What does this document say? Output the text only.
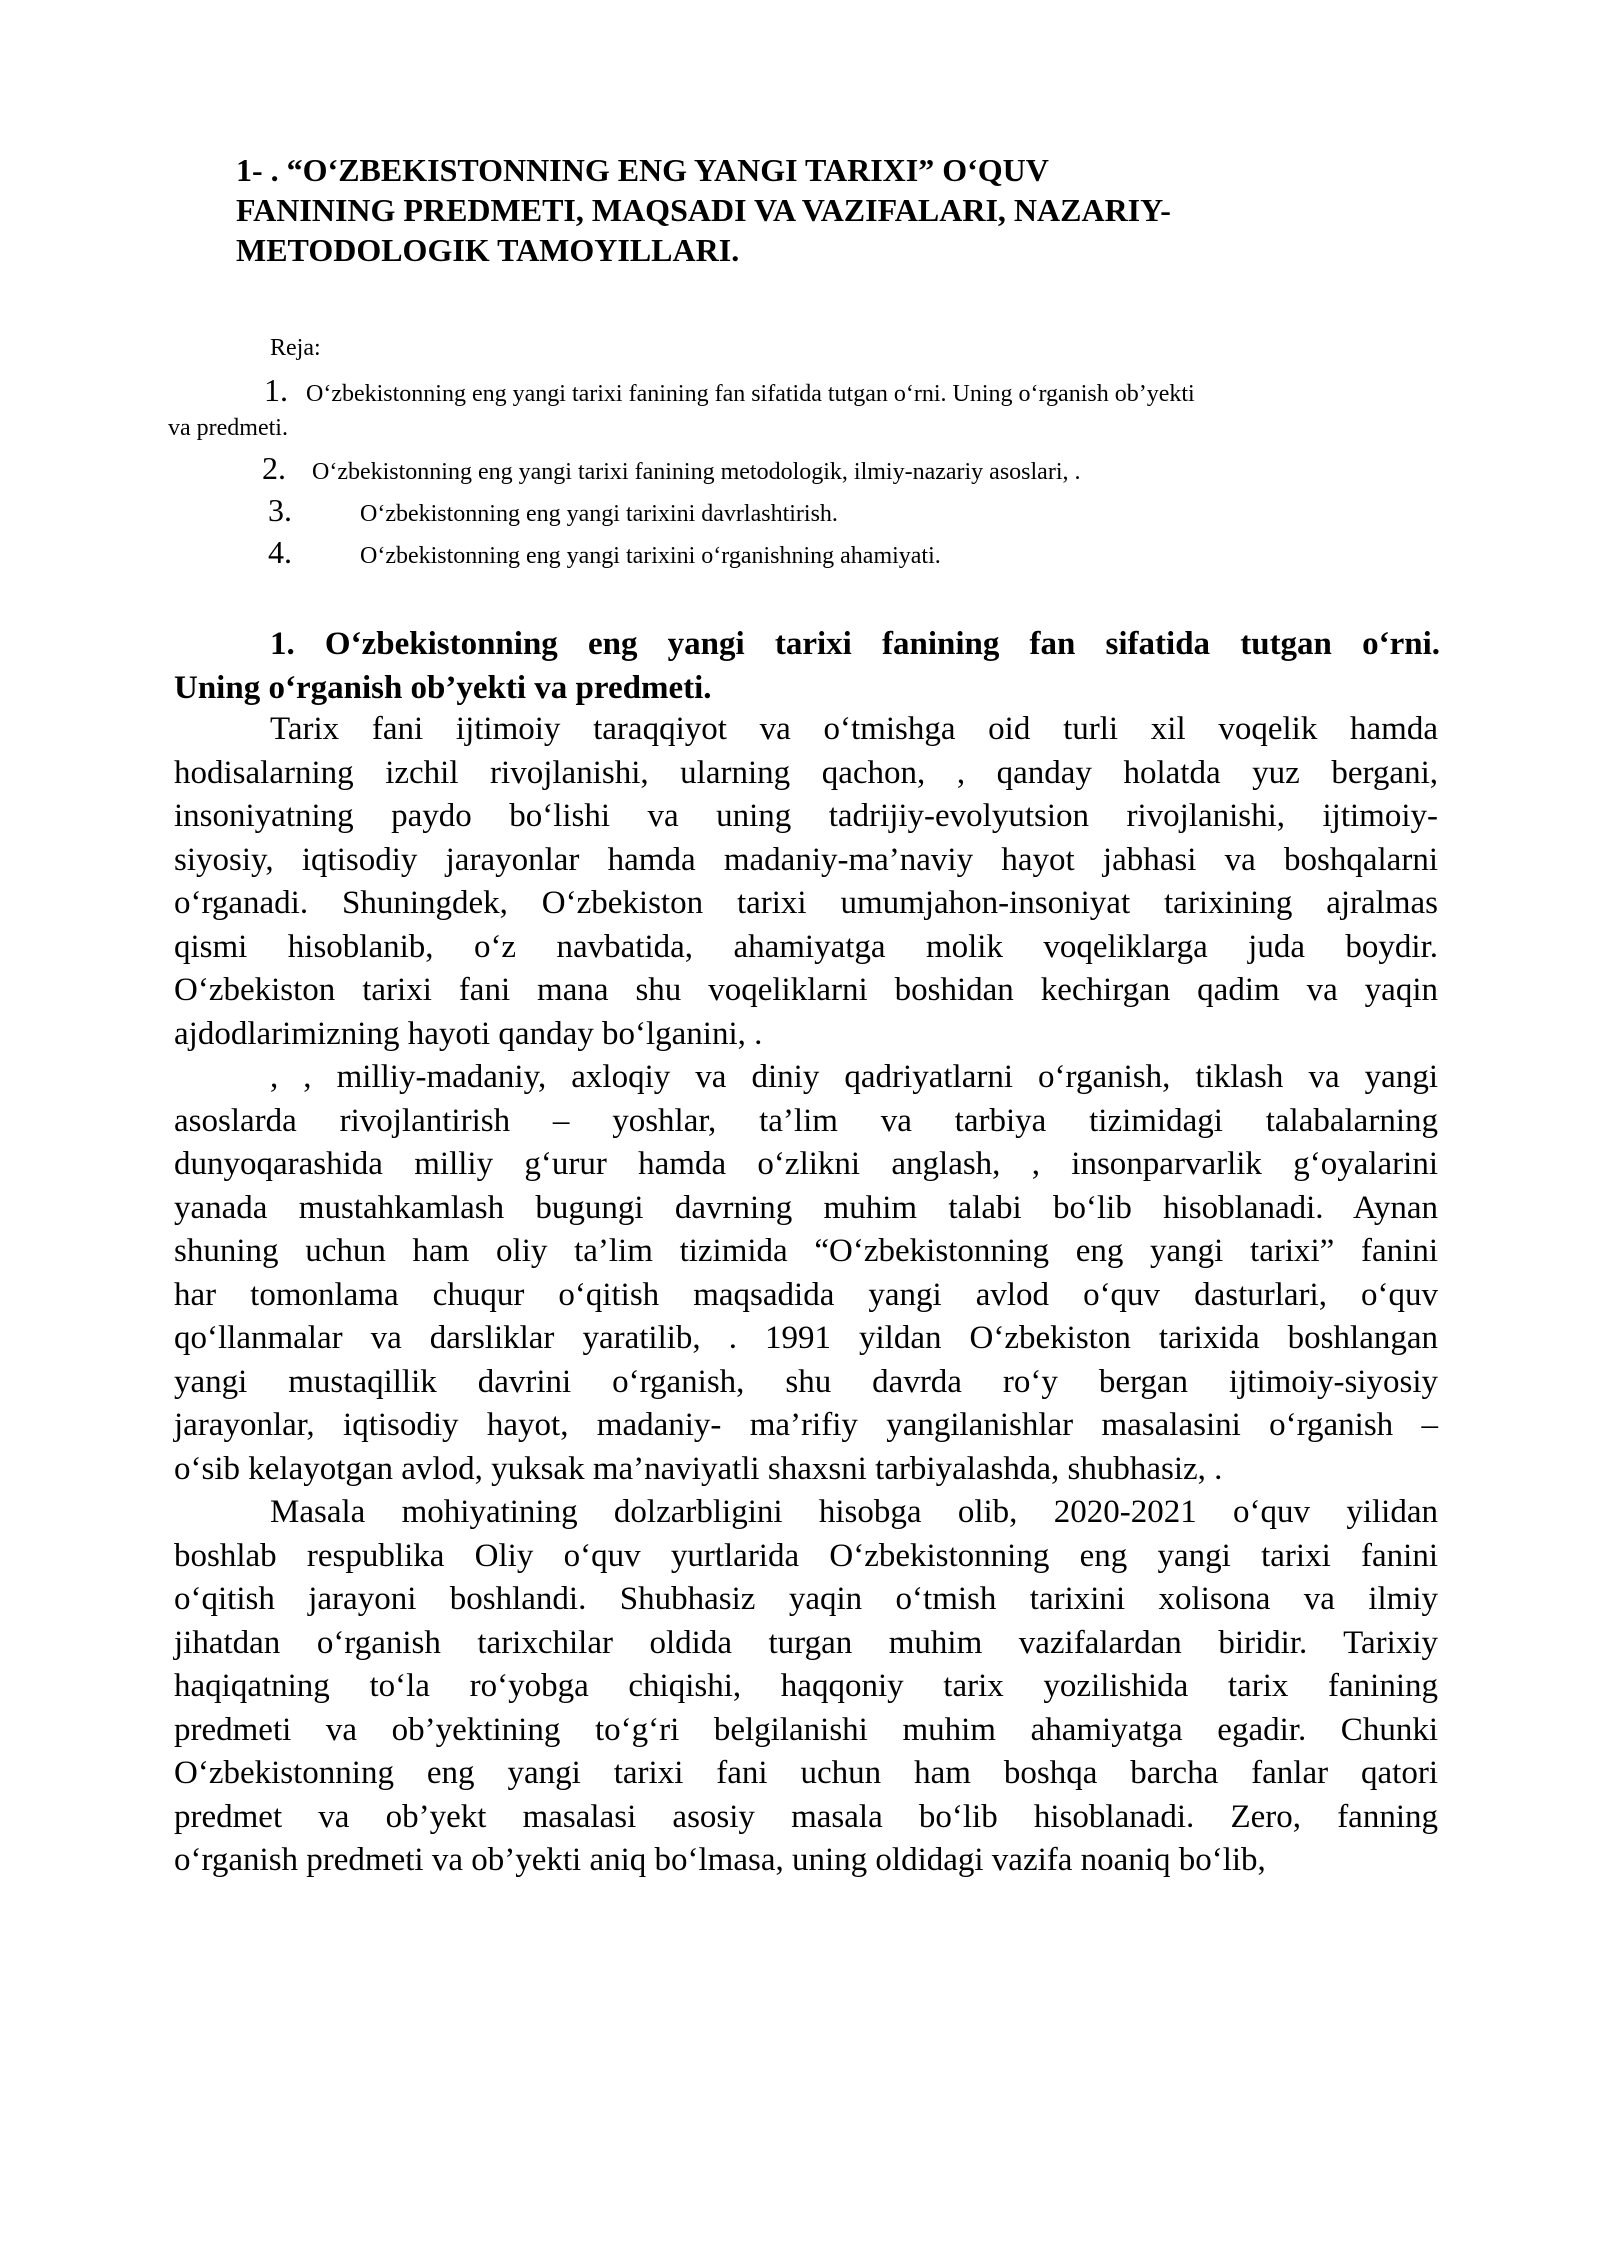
1- . “O‘ZBEKISTONNING ENG YANGI TARIXI” O‘QUV
FANINING PREDMETI, MAQSADI VA VAZIFALARI, NAZARIY-
METODOLOGIK TAMOYILLARI.
Reja:
1. O‘zbekistonning eng yangi tarixi fanining fan sifatida tutgan o‘rni. Uning o‘rganish ob’yekti
va predmeti.
2. O‘zbekistonning eng yangi tarixi fanining metodologik, ilmiy-nazariy asoslari, .
3.	O‘zbekistonning eng yangi tarixini davrlashtirish.
4.	O‘zbekistonning eng yangi tarixini o‘rganishning ahamiyati.
1. O‘zbekistonning eng yangi tarixi fanining fan sifatida tutgan o‘rni.
Uning o‘rganish ob’yekti va predmeti.
Tarix fani ijtimoiy taraqqiyot va o‘tmishga oid turli xil voqelik hamda
hodisalarning izchil rivojlanishi, ularning qachon, , qanday holatda yuz bergani,
insoniyatning paydo bo‘lishi va uning tadrijiy-evolyutsion rivojlanishi, ijtimoiy-
siyosiy, iqtisodiy jarayonlar hamda madaniy-ma’naviy hayot jabhasi va boshqalarni
o‘rganadi. Shuningdek, O‘zbekiston tarixi umumjahon-insoniyat tarixining ajralmas
qismi hisoblanib, o‘z navbatida, ahamiyatga molik voqeliklarga juda boydir.
O‘zbekiston tarixi fani mana shu voqeliklarni boshidan kechirgan qadim va yaqin
ajdodlarimizning hayoti qanday bo‘lganini, .
, , milliy-madaniy, axloqiy va diniy qadriyatlarni o‘rganish, tiklash va yangi
asoslarda rivojlantirish – yoshlar, ta’lim va tarbiya tizimidagi talabalarning
dunyoqarashida milliy g‘urur hamda o‘zlikni anglash, , insonparvarlik g‘oyalarini
yanada mustahkamlash bugungi davrning muhim talabi bo‘lib hisoblanadi. Aynan
shuning uchun ham oliy ta’lim tizimida “O‘zbekistonning eng yangi tarixi” fanini
har tomonlama chuqur o‘qitish maqsadida yangi avlod o‘quv dasturlari, o‘quv
qo‘llanmalar va darsliklar yaratilib, . 1991 yildan O‘zbekiston tarixida boshlangan
yangi mustaqillik davrini o‘rganish, shu davrda ro‘y bergan ijtimoiy-siyosiy
jarayonlar, iqtisodiy hayot, madaniy- ma’rifiy yangilanishlar masalasini o‘rganish –
o‘sib kelayotgan avlod, yuksak ma’naviyatli shaxsni tarbiyalashda, shubhasiz, .
Masala mohiyatining dolzarbligini hisobga olib, 2020-2021 o‘quv yilidan
boshlab respublika Oliy o‘quv yurtlarida O‘zbekistonning eng yangi tarixi fanini
o‘qitish jarayoni boshlandi. Shubhasiz yaqin o‘tmish tarixini xolisona va ilmiy
jihatdan o‘rganish tarixchilar oldida turgan muhim vazifalardan biridir. Tarixiy
haqiqatning to‘la ro‘yobga chiqishi, haqqoniy tarix yozilishida tarix fanining
predmeti va ob’yektining to‘g‘ri belgilanishi muhim ahamiyatga egadir. Chunki
O‘zbekistonning eng yangi tarixi fani uchun ham boshqa barcha fanlar qatori
predmet va ob’yekt masalasi asosiy masala bo‘lib hisoblanadi. Zero, fanning
o‘rganish predmeti va ob’yekti aniq bo‘lmasa, uning oldidagi vazifa noaniq bo‘lib,
